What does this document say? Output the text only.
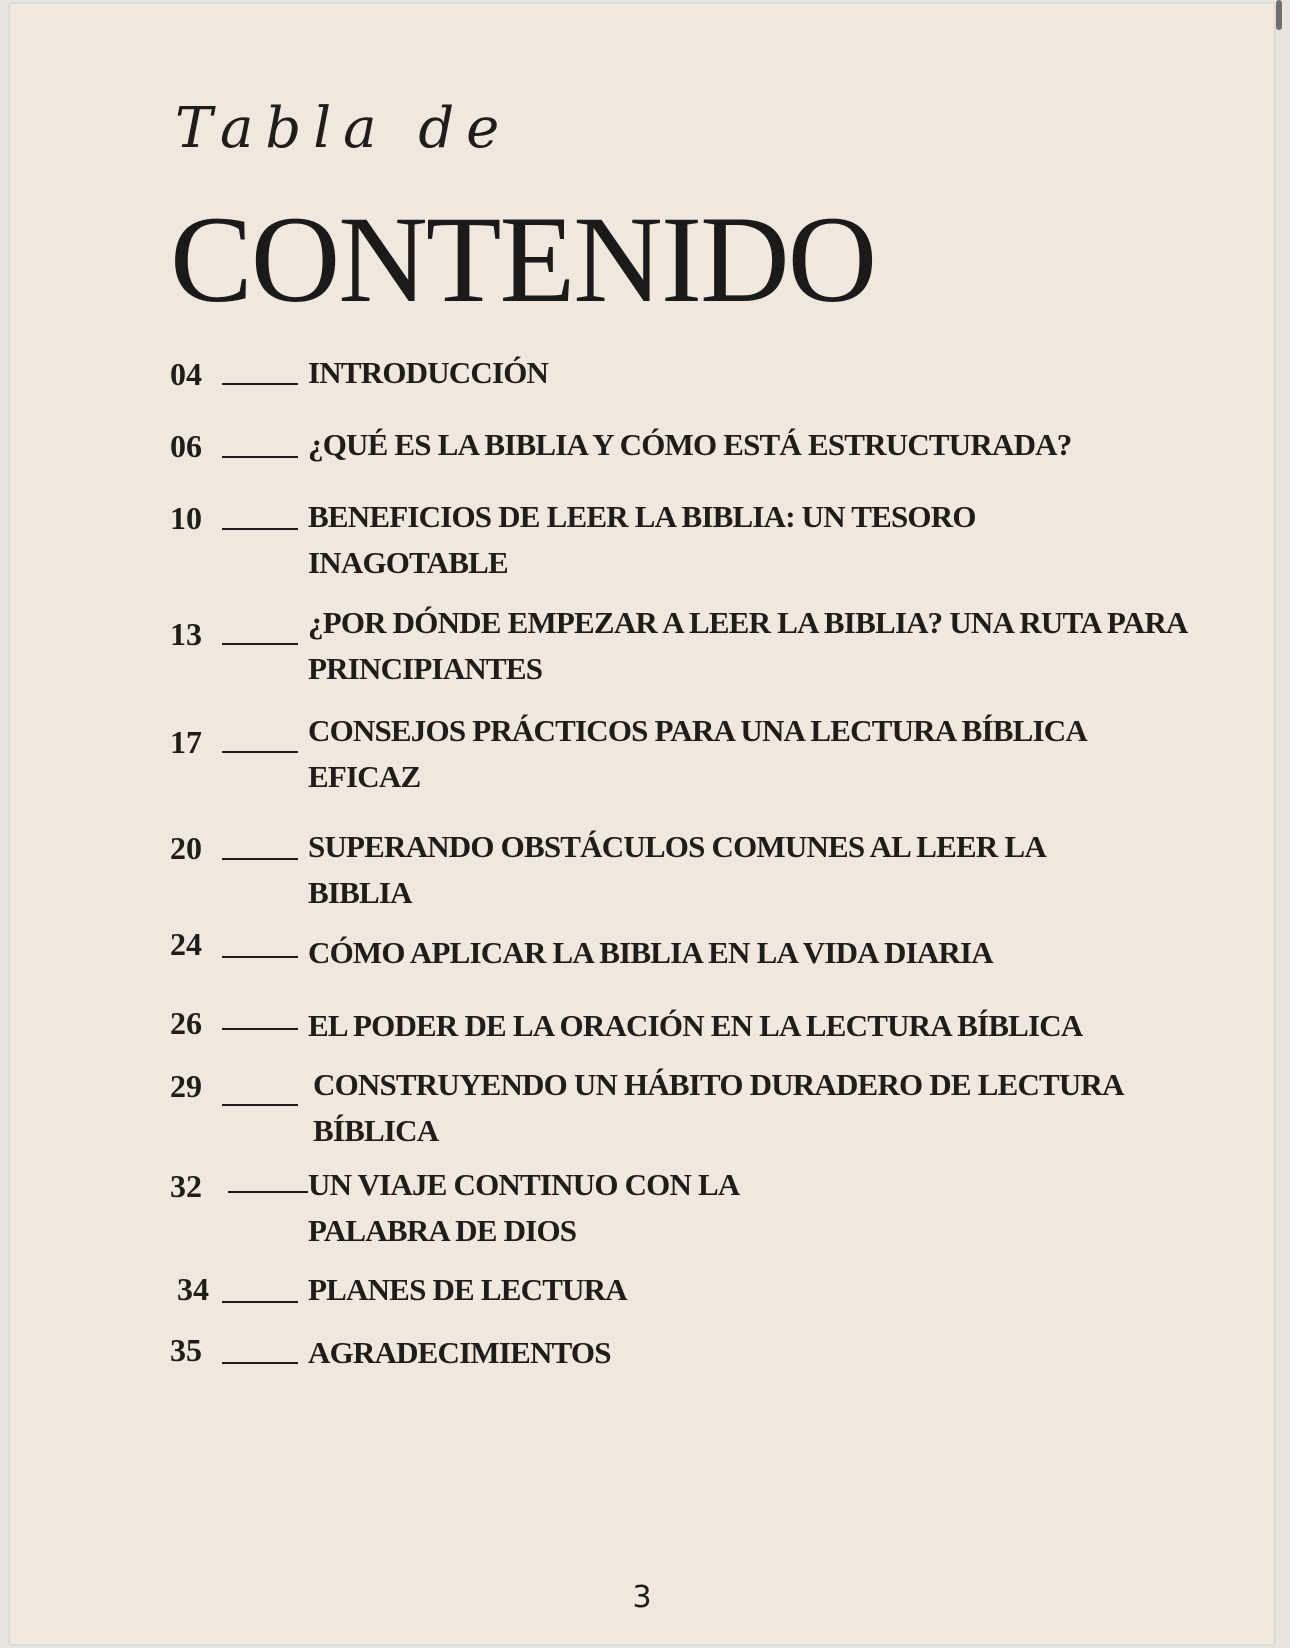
Tabla de
CONTENIDO
04	INTRODUCCIÓN
06	¿QUÉ ES LA BIBLIA Y CÓMO ESTÁ ESTRUCTURADA?
10	BENEFICIOS DE LEER LA BIBLIA: UN TESORO INAGOTABLE
13	¿POR DÓNDE EMPEZAR A LEER LA BIBLIA? UNA RUTA PARA PRINCIPIANTES
17	CONSEJOS PRÁCTICOS PARA UNA LECTURA BÍBLICA EFICAZ
20	SUPERANDO OBSTÁCULOS COMUNES AL LEER LA BIBLIA
24	CÓMO APLICAR LA BIBLIA EN LA VIDA DIARIA
26	EL PODER DE LA ORACIÓN EN LA LECTURA BÍBLICA
29	CONSTRUYENDO UN HÁBITO DURADERO DE LECTURA BÍBLICA
32	UN VIAJE CONTINUO CON LA PALABRA DE DIOS
34	PLANES DE LECTURA
35	AGRADECIMIENTOS
3
